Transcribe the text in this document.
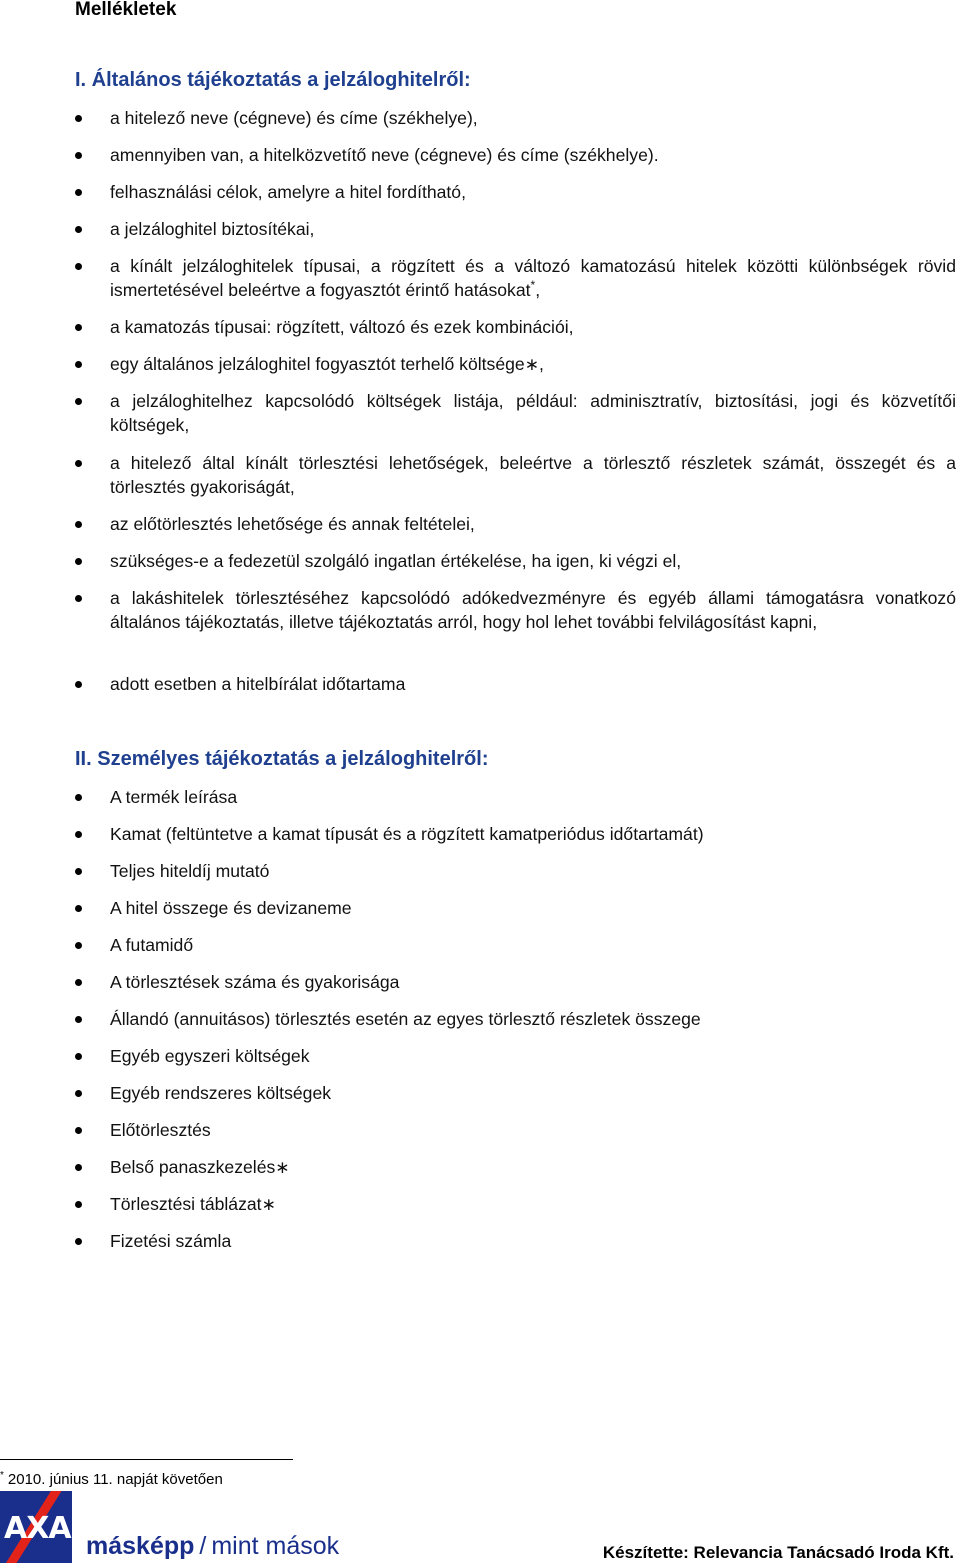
Mellékletek
I. Általános tájékoztatás a jelzáloghitelről:
a hitelező neve (cégneve) és címe (székhelye),
amennyiben van, a hitelközvetítő neve (cégneve) és címe (székhelye).
felhasználási célok, amelyre a hitel fordítható,
a jelzáloghitel biztosítékai,
a kínált jelzáloghitelek típusai, a rögzített és a változó kamatozású hitelek közötti különbségek rövid ismertetésével beleértve a fogyasztót érintő hatásokat*,
a kamatozás típusai: rögzített, változó és ezek kombinációi,
egy általános jelzáloghitel fogyasztót terhelő költsége∗,
a jelzáloghitelhez kapcsolódó költségek listája, például: adminisztratív, biztosítási, jogi és közvetítői költségek,
a hitelező által kínált törlesztési lehetőségek, beleértve a törlesztő részletek számát, összegét és a törlesztés gyakoriságát,
az előtörlesztés lehetősége és annak feltételei,
szükséges-e a fedezetül szolgáló ingatlan értékelése, ha igen, ki végzi el,
a lakáshitelek törlesztéséhez kapcsolódó adókedvezményre és egyéb állami támogatásra vonatkozó általános tájékoztatás, illetve tájékoztatás arról, hogy hol lehet további felvilágosítást kapni,
adott esetben a hitelbírálat időtartama
II. Személyes tájékoztatás a jelzáloghitelről:
A termék leírása
Kamat (feltüntetve a kamat típusát és a rögzített kamatperiódus időtartamát)
Teljes hiteldíj mutató
A hitel összege és devizaneme
A futamidő
A törlesztések száma és gyakorisága
Állandó (annuitásos) törlesztés esetén az egyes törlesztő részletek összege
Egyéb egyszeri költségek
Egyéb rendszeres költségek
Előtörlesztés
Belső panaszkezelés∗
Törlesztési táblázat∗
Fizetési számla
* 2010. június 11. napját követően
AXA másképp / mint mások	Készítette: Relevancia Tanácsadó Iroda Kft.
